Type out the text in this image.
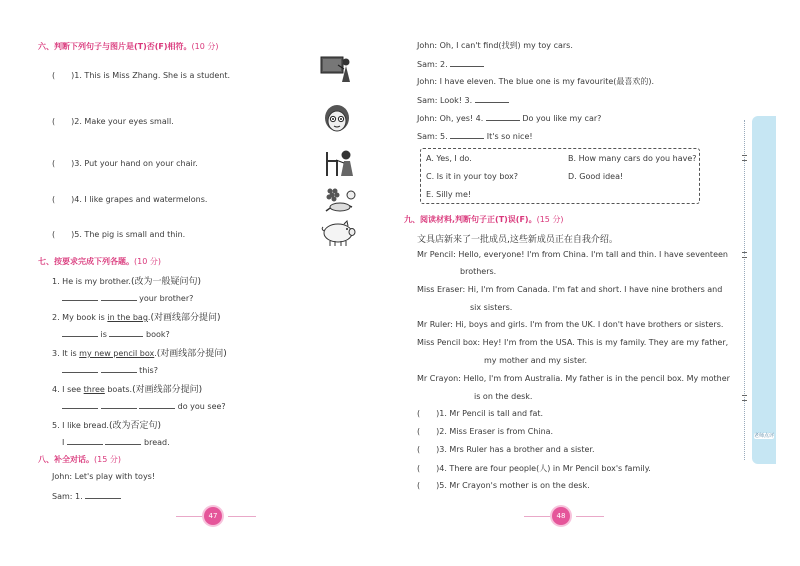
六、判断下列句子与图片是(T)否(F)相符。(10 分)
( )1. This is Miss Zhang. She is a student.
( )2. Make your eyes small.
( )3. Put your hand on your chair.
( )4. I like grapes and watermelons.
( )5. The pig is small and thin.
七、按要求完成下列各题。(10 分)
1. He is my brother.(改为一般疑问句)
your brother?
2. My book is in the bag.(对画线部分提问)
is	book?
3. It is my new pencil box.(对画线部分提问)
this?
4. I see three boats.(对画线部分提问)
do you see?
5. I like bread.(改为否定句)
I	bread.
八、补全对话。(15 分)
John: Let's play with toys!
Sam: 1.
47
John: Oh, I can't find(找到) my toy cars.
Sam: 2.
John: I have eleven. The blue one is my favourite(最喜欢的).
Sam: Look! 3.
John: Oh, yes! 4.	Do you like my car?
Sam: 5.	It's so nice!
A. Yes, I do.	B. How many cars do you have?
C. Is it in your toy box?	D. Good idea!
E. Silly me!
九、阅读材料,判断句子正(T)误(F)。(15 分)
文具店新来了一批成员,这些新成员正在自我介绍。
Mr Pencil: Hello, everyone! I'm from China. I'm tall and thin. I have seventeen
brothers.
Miss Eraser: Hi, I'm from Canada. I'm fat and short. I have nine brothers and
six sisters.
Mr Ruler: Hi, boys and girls. I'm from the UK. I don't have brothers or sisters.
Miss Pencil box: Hey! I'm from the USA. This is my family. They are my father,
my mother and my sister.
Mr Crayon: Hello, I'm from Australia. My father is in the pencil box. My mother
is on the desk.
( )1. Mr Pencil is tall and fat.
( )2. Miss Eraser is from China.
( )3. Mrs Ruler has a brother and a sister.
( )4. There are four people(人) in Mr Pencil box's family.
( )5. Mr Crayon's mother is on the desk.
48
老师点评
